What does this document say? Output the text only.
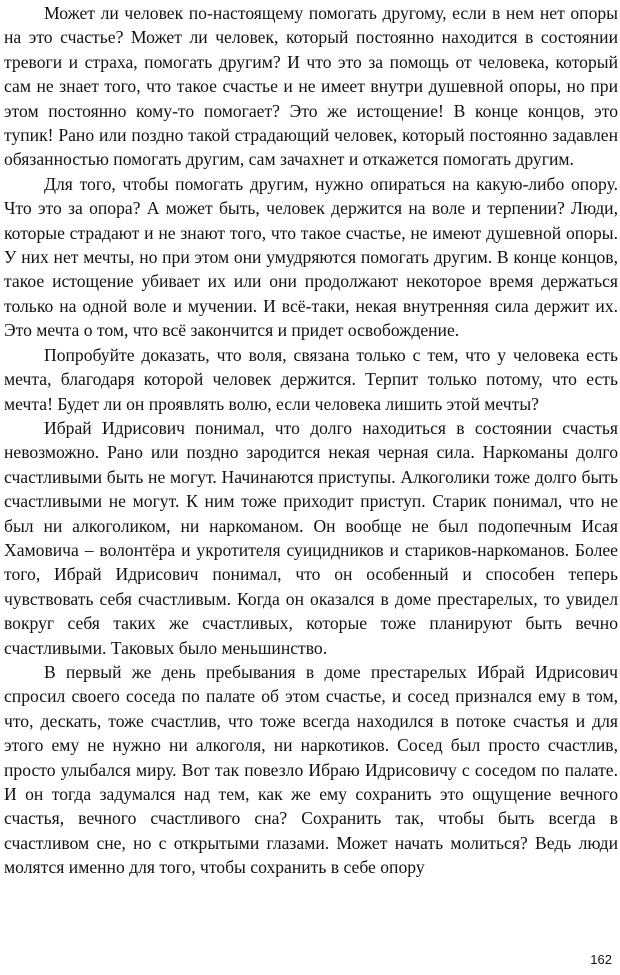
Может ли человек по-настоящему помогать другому, если в нем нет опоры на это счастье? Может ли человек, который постоянно находится в состоянии тревоги и страха, помогать другим? И что это за помощь от человека, который сам не знает того, что такое счастье и не имеет внутри душевной опоры, но при этом постоянно кому-то помогает? Это же истощение! В конце концов, это тупик! Рано или поздно такой страдающий человек, который постоянно задавлен обязанностью помогать другим, сам зачахнет и откажется помогать другим.

Для того, чтобы помогать другим, нужно опираться на какую-либо опору. Что это за опора? А может быть, человек держится на воле и терпении? Люди, которые страдают и не знают того, что такое счастье, не имеют душевной опоры. У них нет мечты, но при этом они умудряются помогать другим. В конце концов, такое истощение убивает их или они продолжают некоторое время держаться только на одной воле и мучении. И всё-таки, некая внутренняя сила держит их. Это мечта о том, что всё закончится и придет освобождение.

Попробуйте доказать, что воля, связана только с тем, что у человека есть мечта, благодаря которой человек держится. Терпит только потому, что есть мечта! Будет ли он проявлять волю, если человека лишить этой мечты?

Ибрай Идрисович понимал, что долго находиться в состоянии счастья невозможно. Рано или поздно зародится некая черная сила. Наркоманы долго счастливыми быть не могут. Начинаются приступы. Алкоголики тоже долго быть счастливыми не могут. К ним тоже приходит приступ. Старик понимал, что не был ни алкоголиком, ни наркоманом. Он вообще не был подопечным Исая Хамовича – волонтёра и укротителя суицидников и стариков-наркоманов. Более того, Ибрай Идрисович понимал, что он особенный и способен теперь чувствовать себя счастливым. Когда он оказался в доме престарелых, то увидел вокруг себя таких же счастливых, которые тоже планируют быть вечно счастливыми. Таковых было меньшинство.

В первый же день пребывания в доме престарелых Ибрай Идрисович спросил своего соседа по палате об этом счастье, и сосед признался ему в том, что, дескать, тоже счастлив, что тоже всегда находился в потоке счастья и для этого ему не нужно ни алкоголя, ни наркотиков. Сосед был просто счастлив, просто улыбался миру. Вот так повезло Ибраю Идрисовичу с соседом по палате. И он тогда задумался над тем, как же ему сохранить это ощущение вечного счастья, вечного счастливого сна? Сохранить так, чтобы быть всегда в счастливом сне, но с открытыми глазами. Может начать молиться? Ведь люди молятся именно для того, чтобы сохранить в себе опору

162
